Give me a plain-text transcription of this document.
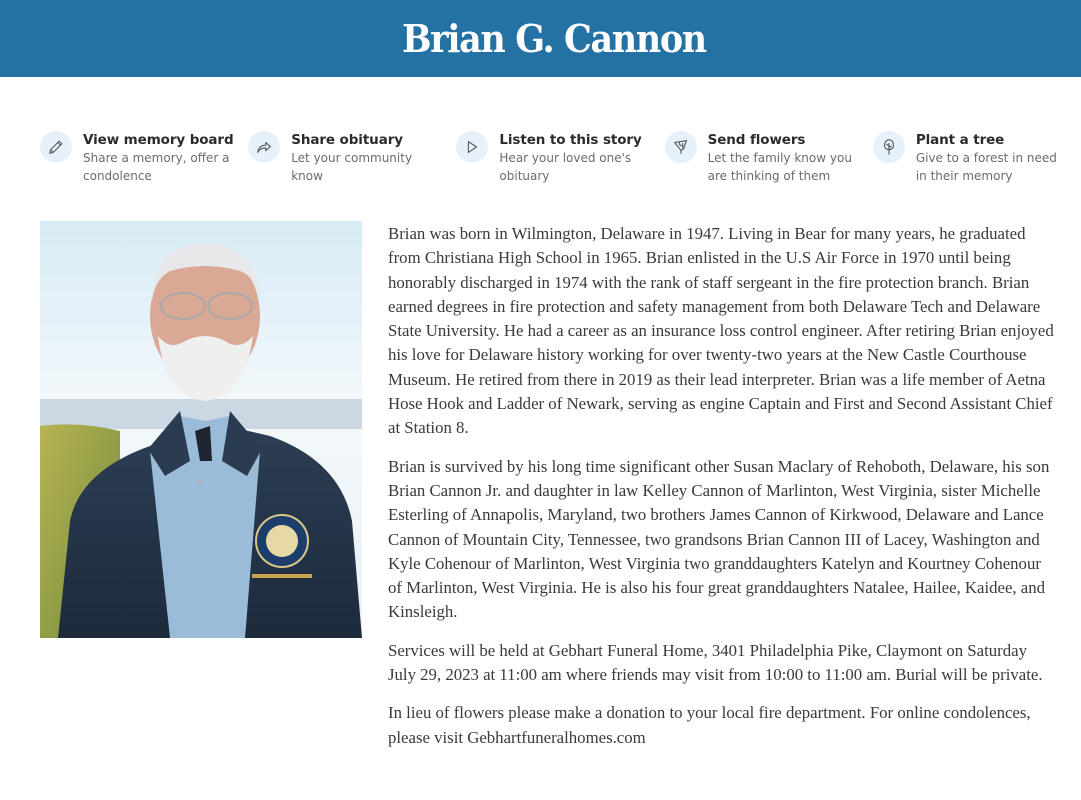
Brian G. Cannon
View memory board
Share a memory, offer a condolence
Share obituary
Let your community know
Listen to this story
Hear your loved one's obituary
Send flowers
Let the family know you are thinking of them
Plant a tree
Give to a forest in need in their memory

Brian was born in Wilmington, Delaware in 1947. Living in Bear for many years, he graduated from Christiana High School in 1965. Brian enlisted in the U.S Air Force in 1970 until being honorably discharged in 1974 with the rank of staff sergeant in the fire protection branch. Brian earned degrees in fire protection and safety management from both Delaware Tech and Delaware State University. He had a career as an insurance loss control engineer. After retiring Brian enjoyed his love for Delaware history working for over twenty-two years at the New Castle Courthouse Museum. He retired from there in 2019 as their lead interpreter. Brian was a life member of Aetna Hose Hook and Ladder of Newark, serving as engine Captain and First and Second Assistant Chief at Station 8.

Brian is survived by his long time significant other Susan Maclary of Rehoboth, Delaware, his son Brian Cannon Jr. and daughter in law Kelley Cannon of Marlinton, West Virginia, sister Michelle Esterling of Annapolis, Maryland, two brothers James Cannon of Kirkwood, Delaware and Lance Cannon of Mountain City, Tennessee, two grandsons Brian Cannon III of Lacey, Washington and Kyle Cohenour of Marlinton, West Virginia two granddaughters Katelyn and Kourtney Cohenour of Marlinton, West Virginia. He is also his four great granddaughters Natalee, Hailee, Kaidee, and Kinsleigh.

Services will be held at Gebhart Funeral Home, 3401 Philadelphia Pike, Claymont on Saturday July 29, 2023 at 11:00 am where friends may visit from 10:00 to 11:00 am. Burial will be private.

In lieu of flowers please make a donation to your local fire department. For online condolences, please visit Gebhartfuneralhomes.com
